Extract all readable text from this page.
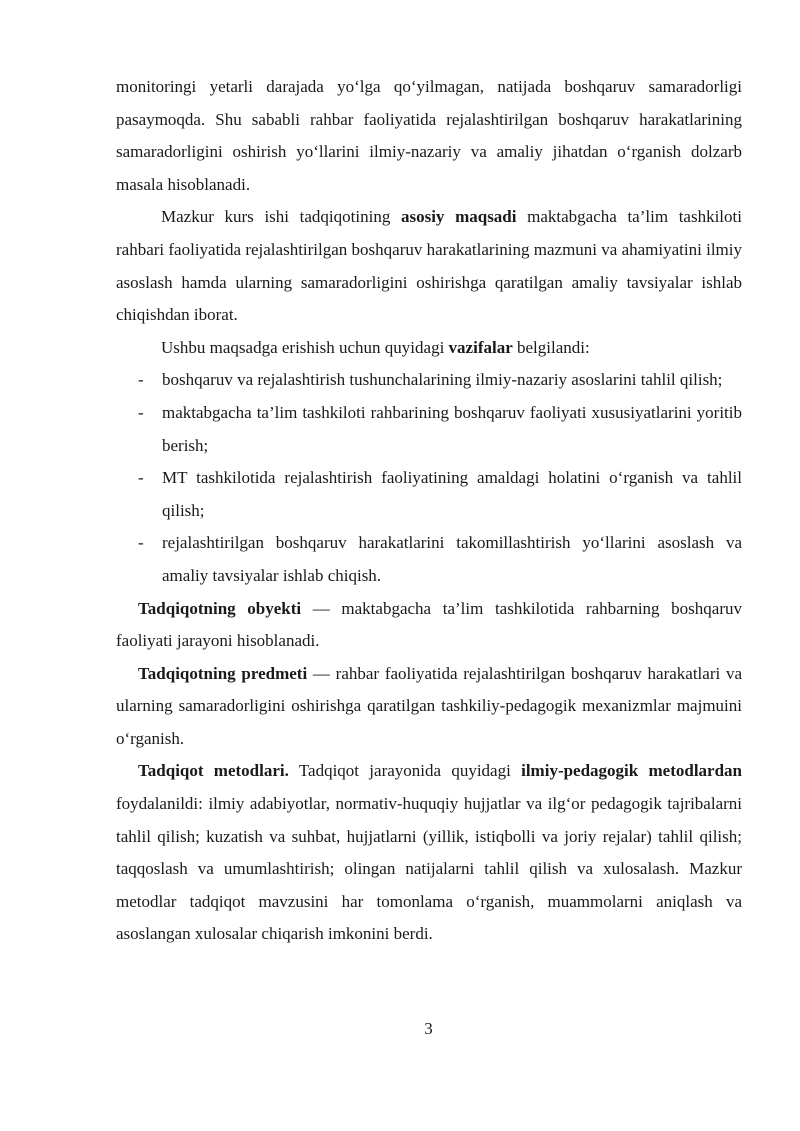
monitoringi yetarli darajada yo‘lga qo‘yilmagan, natijada boshqaruv samaradorligi pasaymoqda. Shu sababli rahbar faoliyatida rejalashtirilgan boshqaruv harakatlarining samaradorligini oshirish yo‘llarini ilmiy-nazariy va amaliy jihatdan o‘rganish dolzarb masala hisoblanadi.

Mazkur kurs ishi tadqiqotining asosiy maqsadi maktabgacha ta’lim tashkiloti rahbari faoliyatida rejalashtirilgan boshqaruv harakatlarining mazmuni va ahamiyatini ilmiy asoslash hamda ularning samaradorligini oshirishga qaratilgan amaliy tavsiyalar ishlab chiqishdan iborat.

Ushbu maqsadga erishish uchun quyidagi vazifalar belgilandi:

- boshqaruv va rejalashtirish tushunchalarining ilmiy-nazariy asoslarini tahlil qilish;
- maktabgacha ta’lim tashkiloti rahbarining boshqaruv faoliyati xususiyatlarini yoritib berish;
- MT tashkilotida rejalashtirish faoliyatining amaldagi holatini o‘rganish va tahlil qilish;
- rejalashtirilgan boshqaruv harakatlarini takomillashtirish yo‘llarini asoslash va amaliy tavsiyalar ishlab chiqish.

Tadqiqotning obyekti — maktabgacha ta’lim tashkilotida rahbarning boshqaruv faoliyati jarayoni hisoblanadi.

Tadqiqotning predmeti — rahbar faoliyatida rejalashtirilgan boshqaruv harakatlari va ularning samaradorligini oshirishga qaratilgan tashkiliy-pedagogik mexanizmlar majmuini o‘rganish.

Tadqiqot metodlari. Tadqiqot jarayonida quyidagi ilmiy-pedagogik metodlardan foydalanildi: ilmiy adabiyotlar, normativ-huquqiy hujjatlar va ilg‘or pedagogik tajribalarni tahlil qilish; kuzatish va suhbat, hujjatlarni (yillik, istiqbolli va joriy rejalar) tahlil qilish; taqqoslash va umumlashtirish; olingan natijalarni tahlil qilish va xulosalash. Mazkur metodlar tadqiqot mavzusini har tomonlama o‘rganish, muammolarni aniqlash va asoslangan xulosalar chiqarish imkonini berdi.

3
